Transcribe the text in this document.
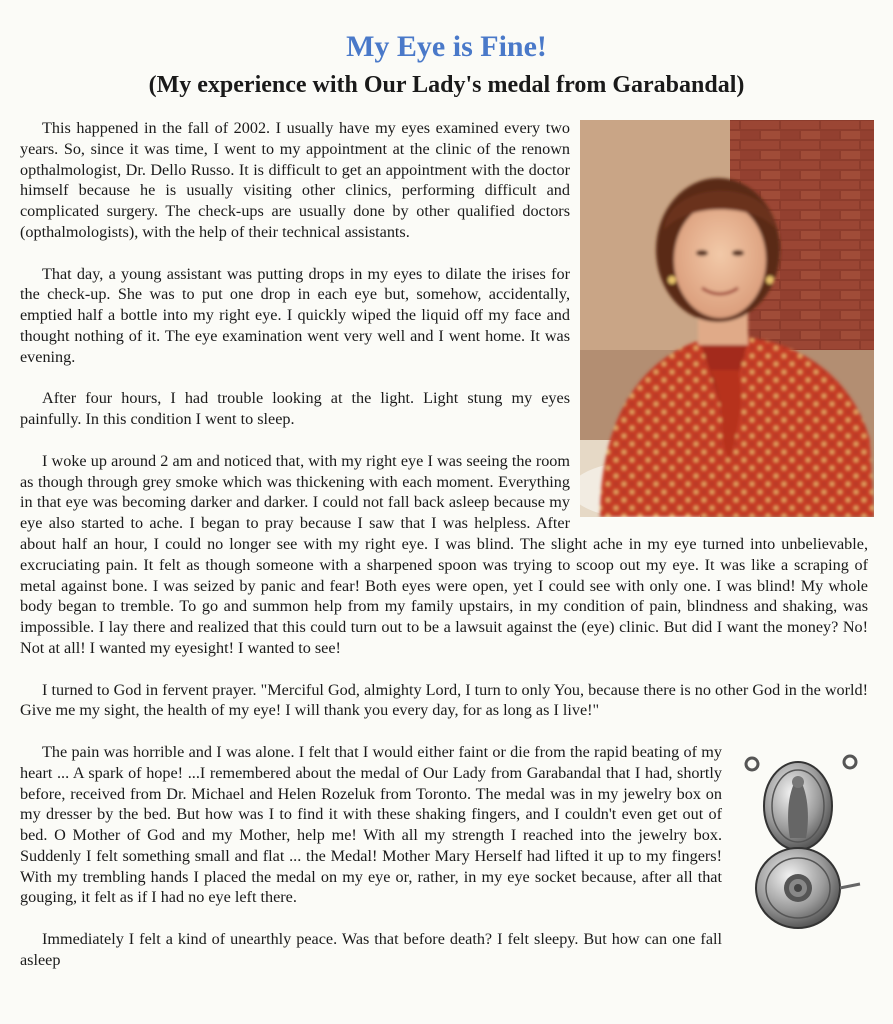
My Eye is Fine!
(My experience with Our Lady's medal from Garabandal)

This happened in the fall of 2002. I usually have my eyes examined every two years. So, since it was time, I went to my appointment at the clinic of the renown opthalmologist, Dr. Dello Russo. It is difficult to get an appointment with the doctor himself because he is usually visiting other clinics, performing difficult and complicated surgery. The check-ups are usually done by other qualified doctors (opthalmologists), with the help of their technical assistants.

That day, a young assistant was putting drops in my eyes to dilate the irises for the check-up. She was to put one drop in each eye but, somehow, accidentally, emptied half a bottle into my right eye. I quickly wiped the liquid off my face and thought nothing of it. The eye examination went very well and I went home. It was evening.

After four hours, I had trouble looking at the light. Light stung my eyes painfully. In this condition I went to sleep.

I woke up around 2 am and noticed that, with my right eye I was seeing the room as though through grey smoke which was thickening with each moment. Everything in that eye was becoming darker and darker. I could not fall back asleep because my eye also started to ache. I began to pray because I saw that I was helpless. After about half an hour, I could no longer see with my right eye. I was blind. The slight ache in my eye turned into unbelievable, excruciating pain. It felt as though someone with a sharpened spoon was trying to scoop out my eye. It was like a scraping of metal against bone. I was seized by panic and fear! Both eyes were open, yet I could see with only one. I was blind! My whole body began to tremble. To go and summon help from my family upstairs, in my condition of pain, blindness and shaking, was impossible. I lay there and realized that this could turn out to be a lawsuit against the (eye) clinic. But did I want the money? No! Not at all! I wanted my eyesight! I wanted to see!

I turned to God in fervent prayer. "Merciful God, almighty Lord, I turn to only You, because there is no other God in the world! Give me my sight, the health of my eye! I will thank you every day, for as long as I live!"

The pain was horrible and I was alone. I felt that I would either faint or die from the rapid beating of my heart ... A spark of hope! ...I remembered about the medal of Our Lady from Garabandal that I had, shortly before, received from Dr. Michael and Helen Rozeluk from Toronto. The medal was in my jewelry box on my dresser by the bed. But how was I to find it with these shaking fingers, and I couldn't even get out of bed. O Mother of God and my Mother, help me! With all my strength I reached into the jewelry box. Suddenly I felt something small and flat ... the Medal! Mother Mary Herself had lifted it up to my fingers! With my trembling hands I placed the medal on my eye or, rather, in my eye socket because, after all that gouging, it felt as if I had no eye left there.

Immediately I felt a kind of unearthly peace. Was that before death? I felt sleepy. But how can one fall asleep
